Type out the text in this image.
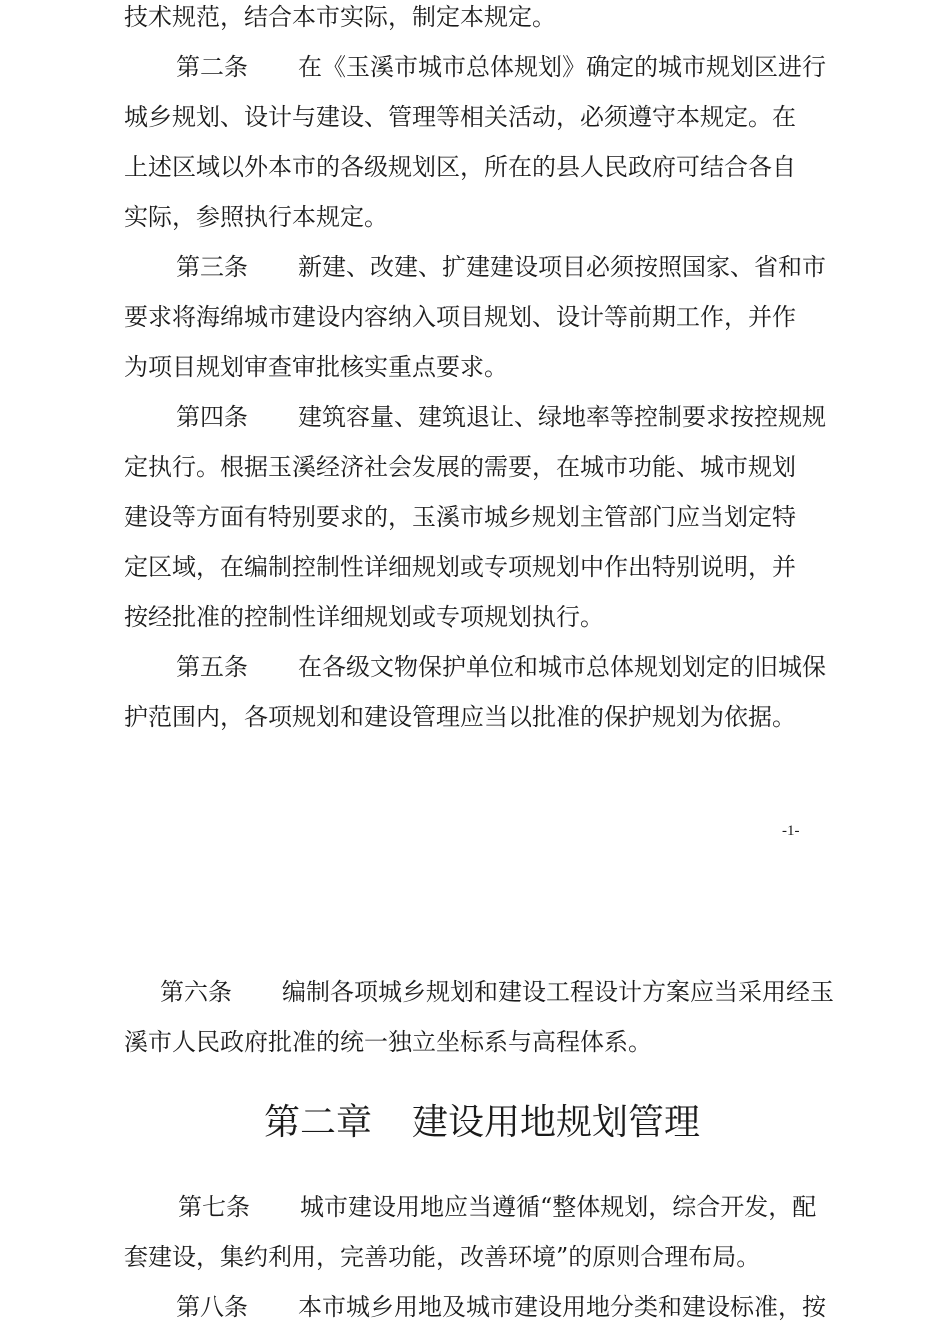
技术规范，结合本市实际，制定本规定。
第二条 在《玉溪市城市总体规划》确定的城市规划区进行
城乡规划、设计与建设、管理等相关活动，必须遵守本规定。在
上述区域以外本市的各级规划区，所在的县人民政府可结合各自
实际，参照执行本规定。
第三条 新建、改建、扩建建设项目必须按照国家、省和市
要求将海绵城市建设内容纳入项目规划、设计等前期工作，并作
为项目规划审查审批核实重点要求。
第四条 建筑容量、建筑退让、绿地率等控制要求按控规规
定执行。根据玉溪经济社会发展的需要，在城市功能、城市规划
建设等方面有特别要求的，玉溪市城乡规划主管部门应当划定特
定区域，在编制控制性详细规划或专项规划中作出特别说明，并
按经批准的控制性详细规划或专项规划执行。
第五条 在各级文物保护单位和城市总体规划划定的旧城保
护范围内，各项规划和建设管理应当以批准的保护规划为依据。
-1-
第六条 编制各项城乡规划和建设工程设计方案应当采用经玉
溪市人民政府批准的统一独立坐标系与高程体系。
第二章 建设用地规划管理
第七条 城市建设用地应当遵循“整体规划，综合开发，配
套建设，集约利用，完善功能，改善环境”的原则合理布局。
第八条 本市城乡用地及城市建设用地分类和建设标准，按
